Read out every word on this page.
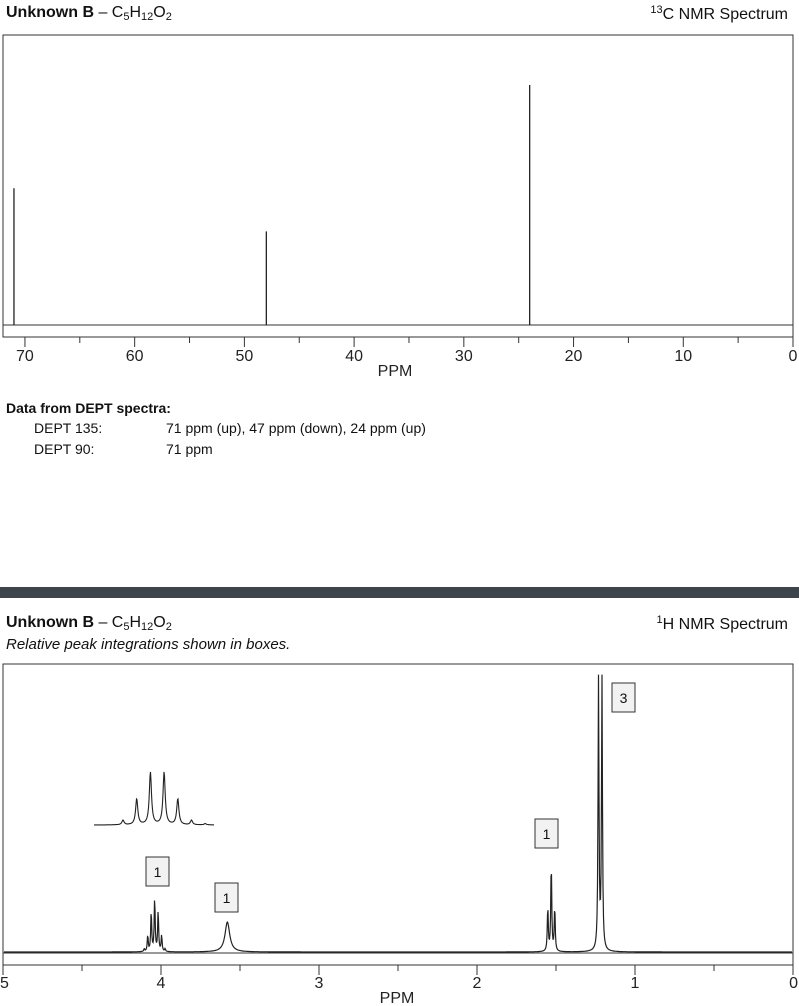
Unknown B – $C_5H_{12}O_2$
$^{13}$C NMR Spectrum
70	60	50	40	30	20	10	0
PPM
Data from DEPT spectra:
DEPT 135:	71 ppm (up), 47 ppm (down), 24 ppm (up)
DEPT 90:	71 ppm
Unknown B – $C_5H_{12}O_2$
$^1$H NMR Spectrum
Relative peak integrations shown in boxes.
1
1
1
3
5	4	3	2	1	0
PPM
